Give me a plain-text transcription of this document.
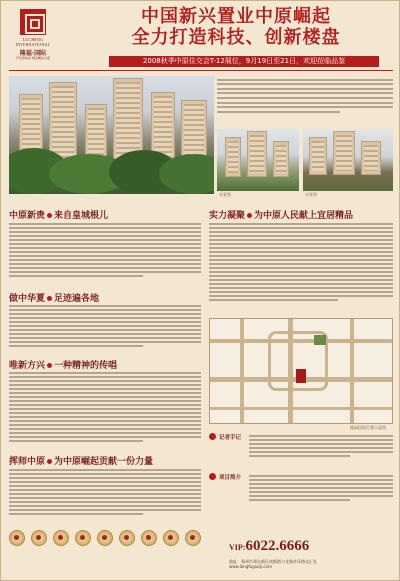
LUCHENG INTERNATIONAL
隆福·国际
开发商信誉 缔造精品力量
中国新兴置业中原崛起
全力打造科技、创新楼盘
2008秋季中原住交会T-12展位，9月19日至21日，欢迎莅临品鉴
实景图	实景图
中原新贵 来自皇城根儿
做中华夏 足迹遍各地
唯新方兴 一种精神的传唱
挥师中原 为中原崛起贡献一份力量
实力凝聚 为中原人民献上宜居精品
隆福国际位置示意图
记者手记
项目简介
VIP:6022.6666
地址：郑州市郑东新区商都路与龙湖外环路交汇处
www.longfuguoji.com
